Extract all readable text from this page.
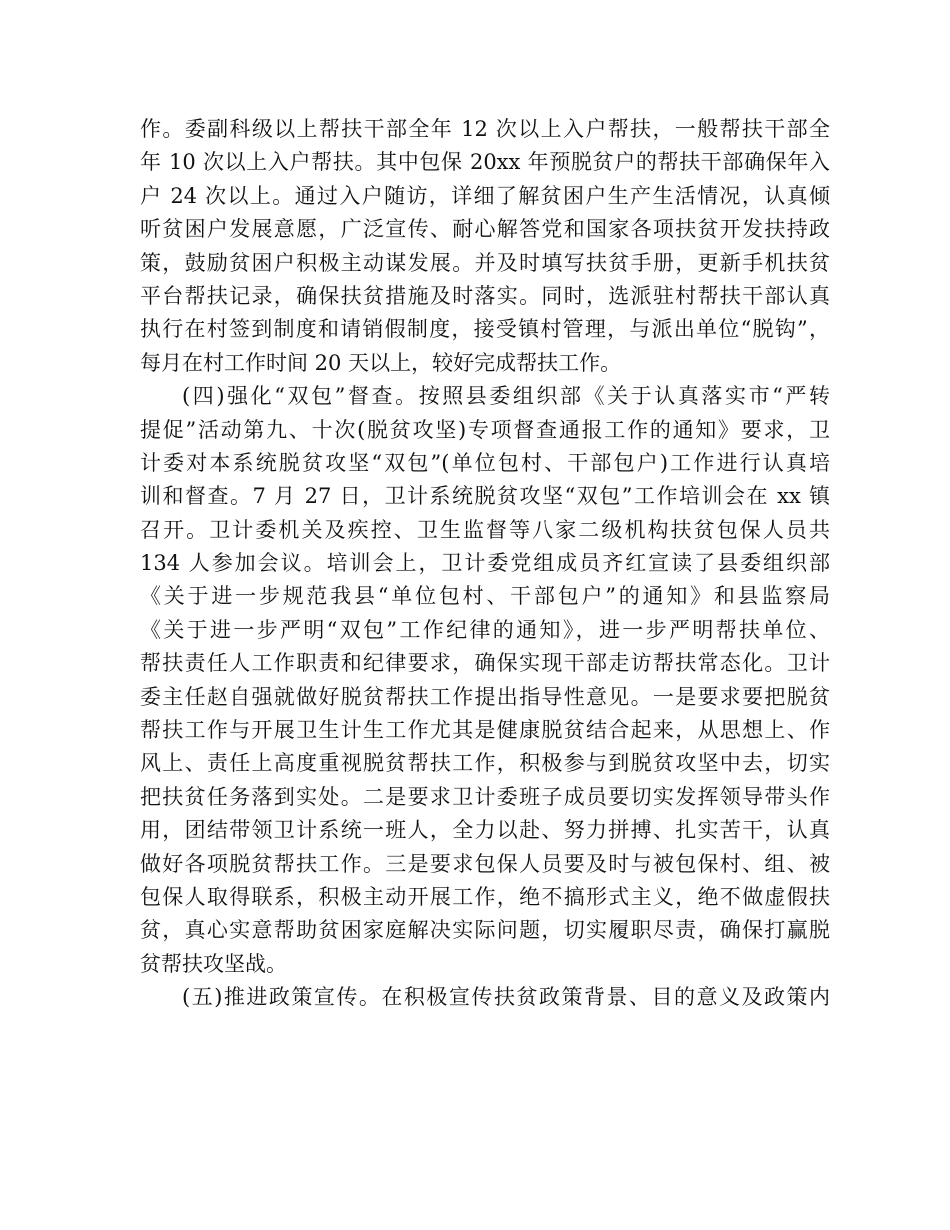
作。委副科级以上帮扶干部全年 12 次以上入户帮扶，一般帮扶干部全
年 10 次以上入户帮扶。其中包保 20xx 年预脱贫户的帮扶干部确保年入
户 24 次以上。通过入户随访，详细了解贫困户生产生活情况，认真倾
听贫困户发展意愿，广泛宣传、耐心解答党和国家各项扶贫开发扶持政
策，鼓励贫困户积极主动谋发展。并及时填写扶贫手册，更新手机扶贫
平台帮扶记录，确保扶贫措施及时落实。同时，选派驻村帮扶干部认真
执行在村签到制度和请销假制度，接受镇村管理，与派出单位“脱钩”，
每月在村工作时间 20 天以上，较好完成帮扶工作。
(四)强化“双包”督查。按照县委组织部《关于认真落实市“严转
提促”活动第九、十次(脱贫攻坚)专项督查通报工作的通知》要求，卫
计委对本系统脱贫攻坚“双包”(单位包村、干部包户)工作进行认真培
训和督查。7 月 27 日，卫计系统脱贫攻坚“双包”工作培训会在 xx 镇
召开。卫计委机关及疾控、卫生监督等八家二级机构扶贫包保人员共
134 人参加会议。培训会上，卫计委党组成员齐红宣读了县委组织部
《关于进一步规范我县“单位包村、干部包户”的通知》和县监察局
《关于进一步严明“双包”工作纪律的通知》，进一步严明帮扶单位、
帮扶责任人工作职责和纪律要求，确保实现干部走访帮扶常态化。卫计
委主任赵自强就做好脱贫帮扶工作提出指导性意见。一是要求要把脱贫
帮扶工作与开展卫生计生工作尤其是健康脱贫结合起来，从思想上、作
风上、责任上高度重视脱贫帮扶工作，积极参与到脱贫攻坚中去，切实
把扶贫任务落到实处。二是要求卫计委班子成员要切实发挥领导带头作
用，团结带领卫计系统一班人，全力以赴、努力拼搏、扎实苦干，认真
做好各项脱贫帮扶工作。三是要求包保人员要及时与被包保村、组、被
包保人取得联系，积极主动开展工作，绝不搞形式主义，绝不做虚假扶
贫，真心实意帮助贫困家庭解决实际问题，切实履职尽责，确保打赢脱
贫帮扶攻坚战。
(五)推进政策宣传。在积极宣传扶贫政策背景、目的意义及政策内
